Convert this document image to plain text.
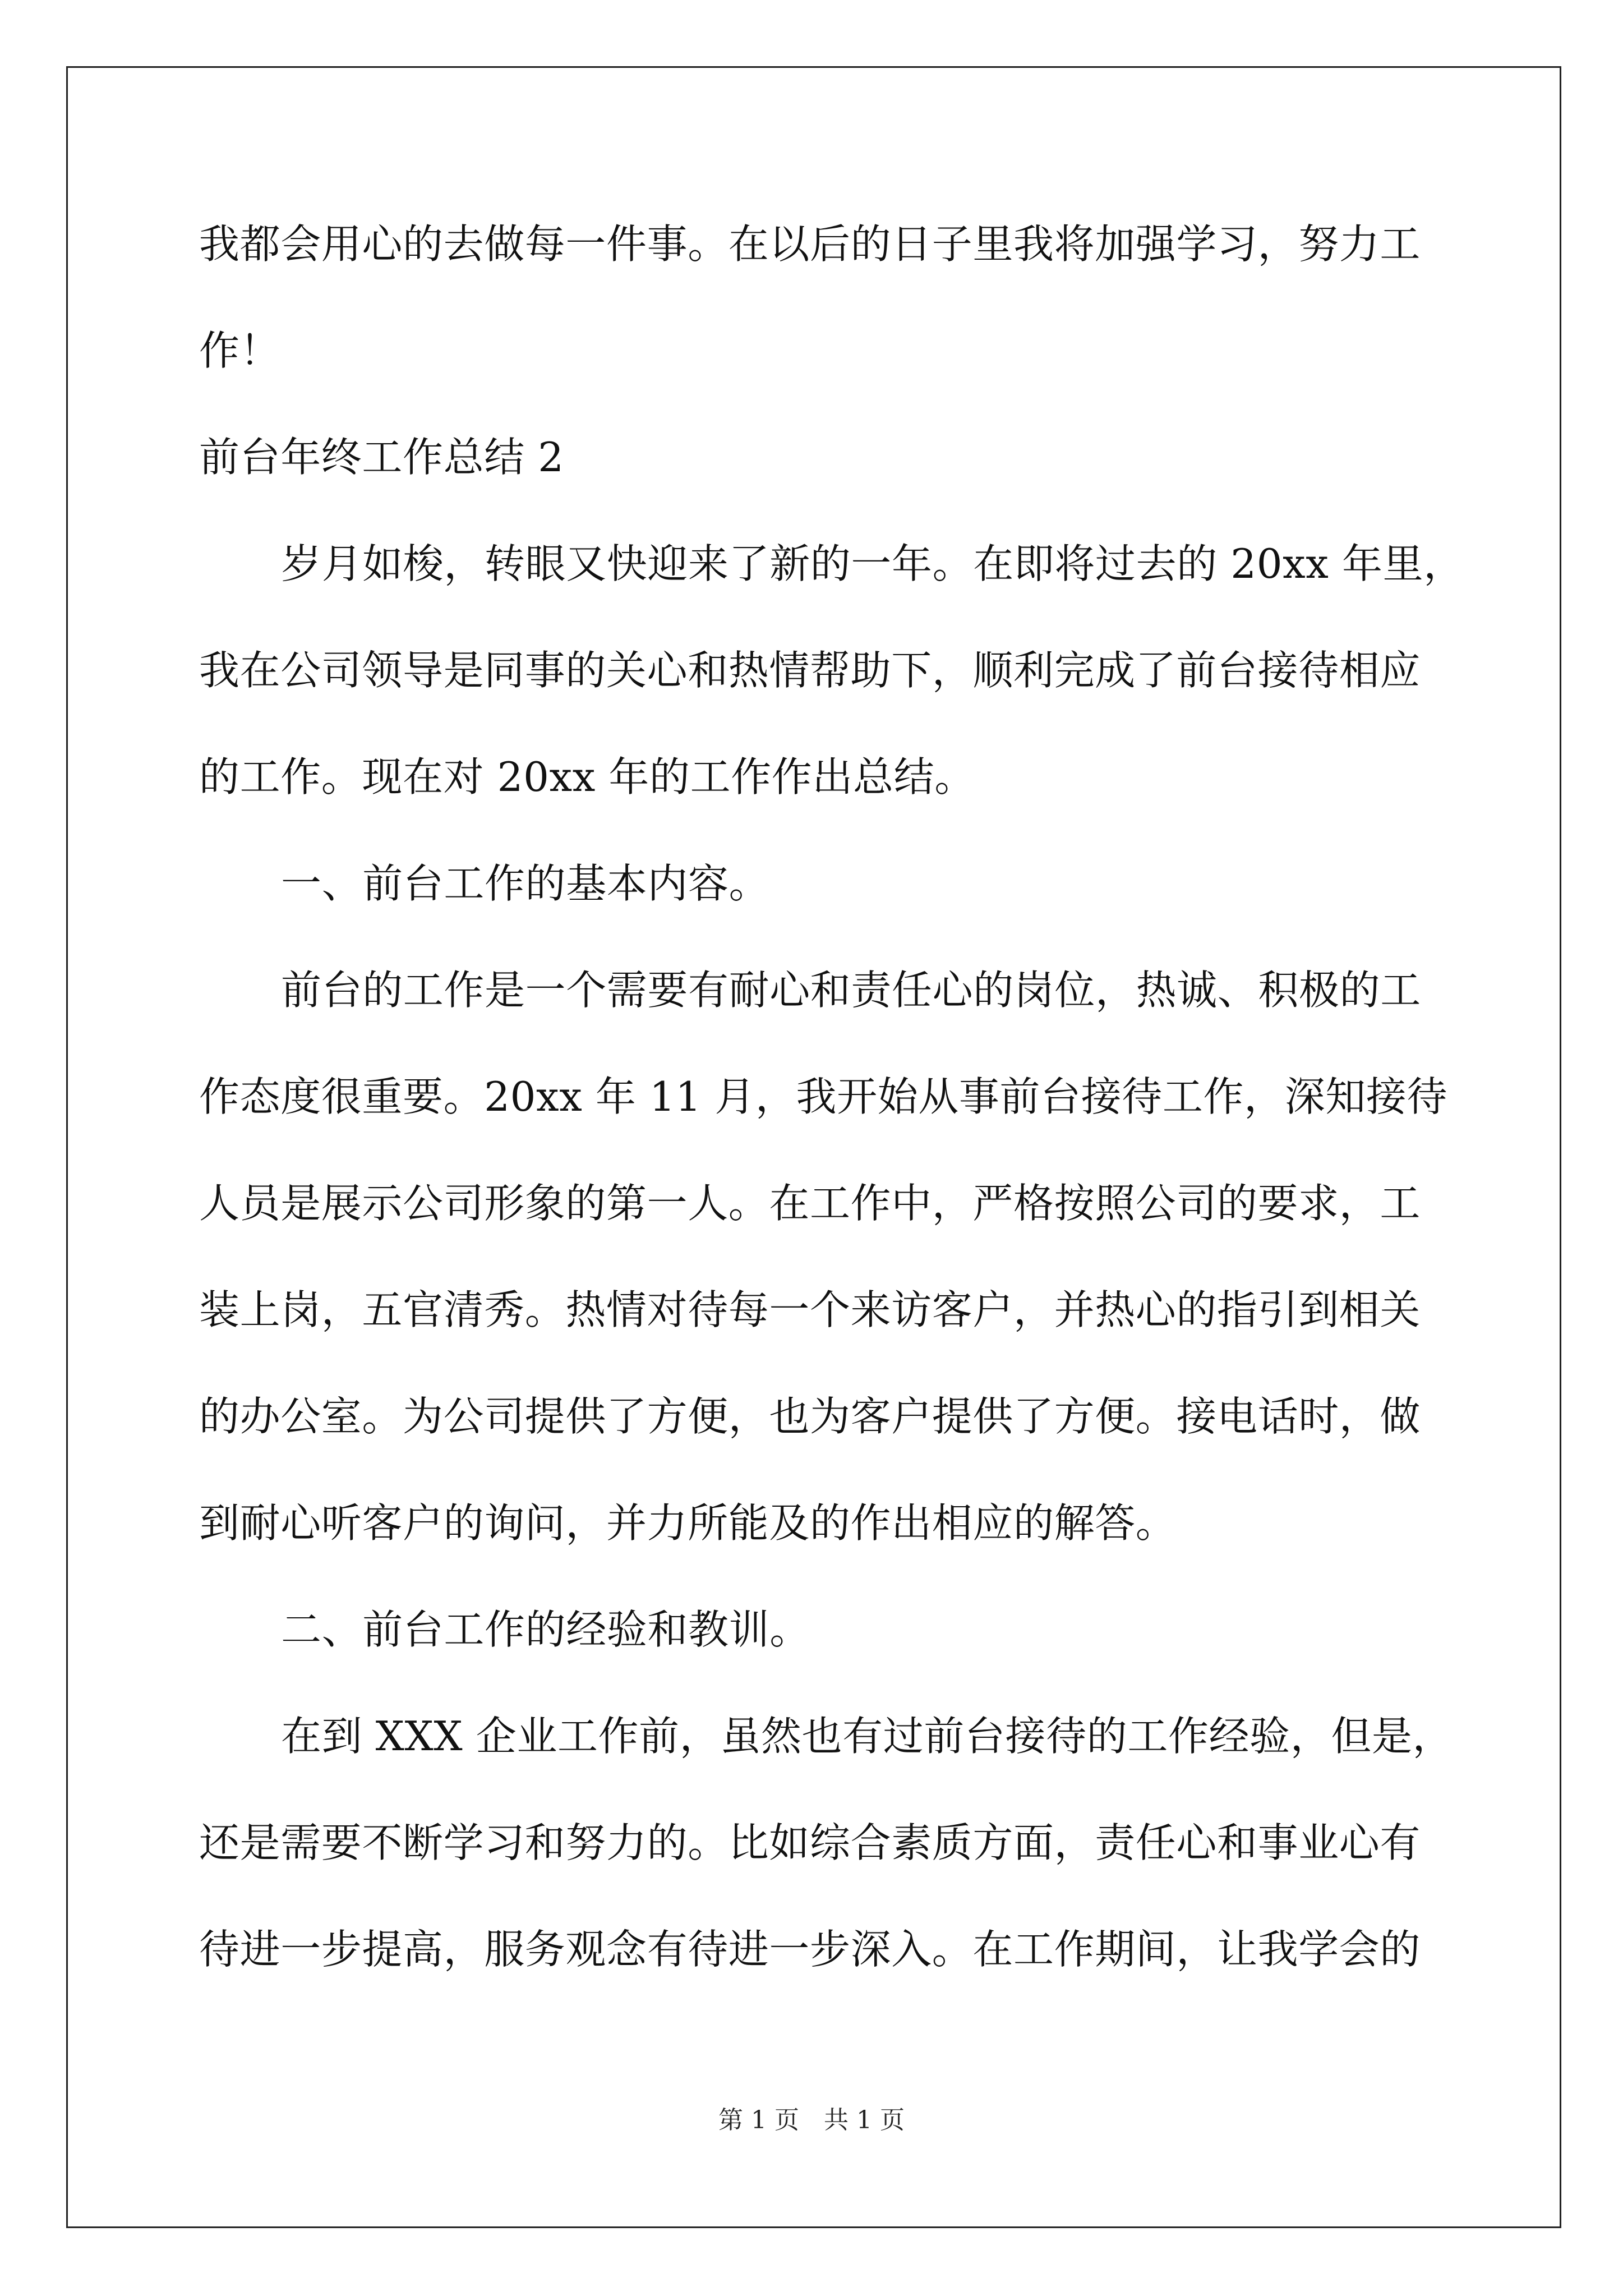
我都会用心的去做每一件事。在以后的日子里我将加强学习，努力工
作！
前台年终工作总结 2
岁月如梭，转眼又快迎来了新的一年。在即将过去的 20xx 年里，
我在公司领导是同事的关心和热情帮助下，顺利完成了前台接待相应
的工作。现在对 20xx 年的工作作出总结。
一、前台工作的基本内容。
前台的工作是一个需要有耐心和责任心的岗位，热诚、积极的工
作态度很重要。20xx 年 11 月，我开始从事前台接待工作，深知接待
人员是展示公司形象的第一人。在工作中，严格按照公司的要求，工
装上岗，五官清秀。热情对待每一个来访客户，并热心的指引到相关
的办公室。为公司提供了方便，也为客户提供了方便。接电话时，做
到耐心听客户的询问，并力所能及的作出相应的解答。
二、前台工作的经验和教训。
在到 XXX 企业工作前，虽然也有过前台接待的工作经验，但是，
还是需要不断学习和努力的。比如综合素质方面，责任心和事业心有
待进一步提高，服务观念有待进一步深入。在工作期间，让我学会的
第 1 页　共 1 页
